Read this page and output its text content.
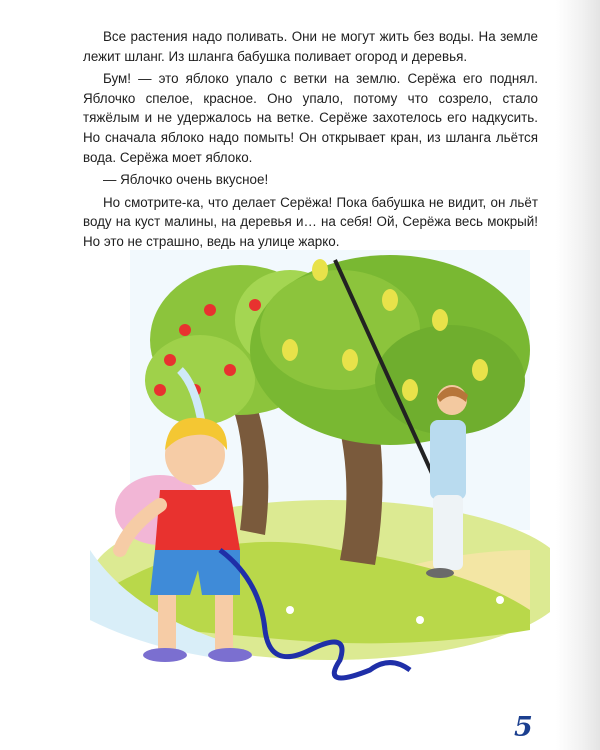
Все растения надо поливать. Они не могут жить без воды. На земле лежит шланг. Из шланга бабушка поливает огород и деревья.

Бум! — это яблоко упало с ветки на землю. Серёжа его поднял. Яблочко спелое, красное. Оно упало, потому что созрело, стало тяжёлым и не удержалось на ветке. Серёже захотелось его надкусить. Но сначала яблоко надо помыть! Он открывает кран, из шланга льётся вода. Серёжа моет яблоко.

— Яблочко очень вкусное!

Но смотрите-ка, что делает Серёжа! Пока бабушка не видит, он льёт воду на куст малины, на деревья и… на себя! Ой, Серёжа весь мокрый! Но это не страшно, ведь на улице жарко.

5
